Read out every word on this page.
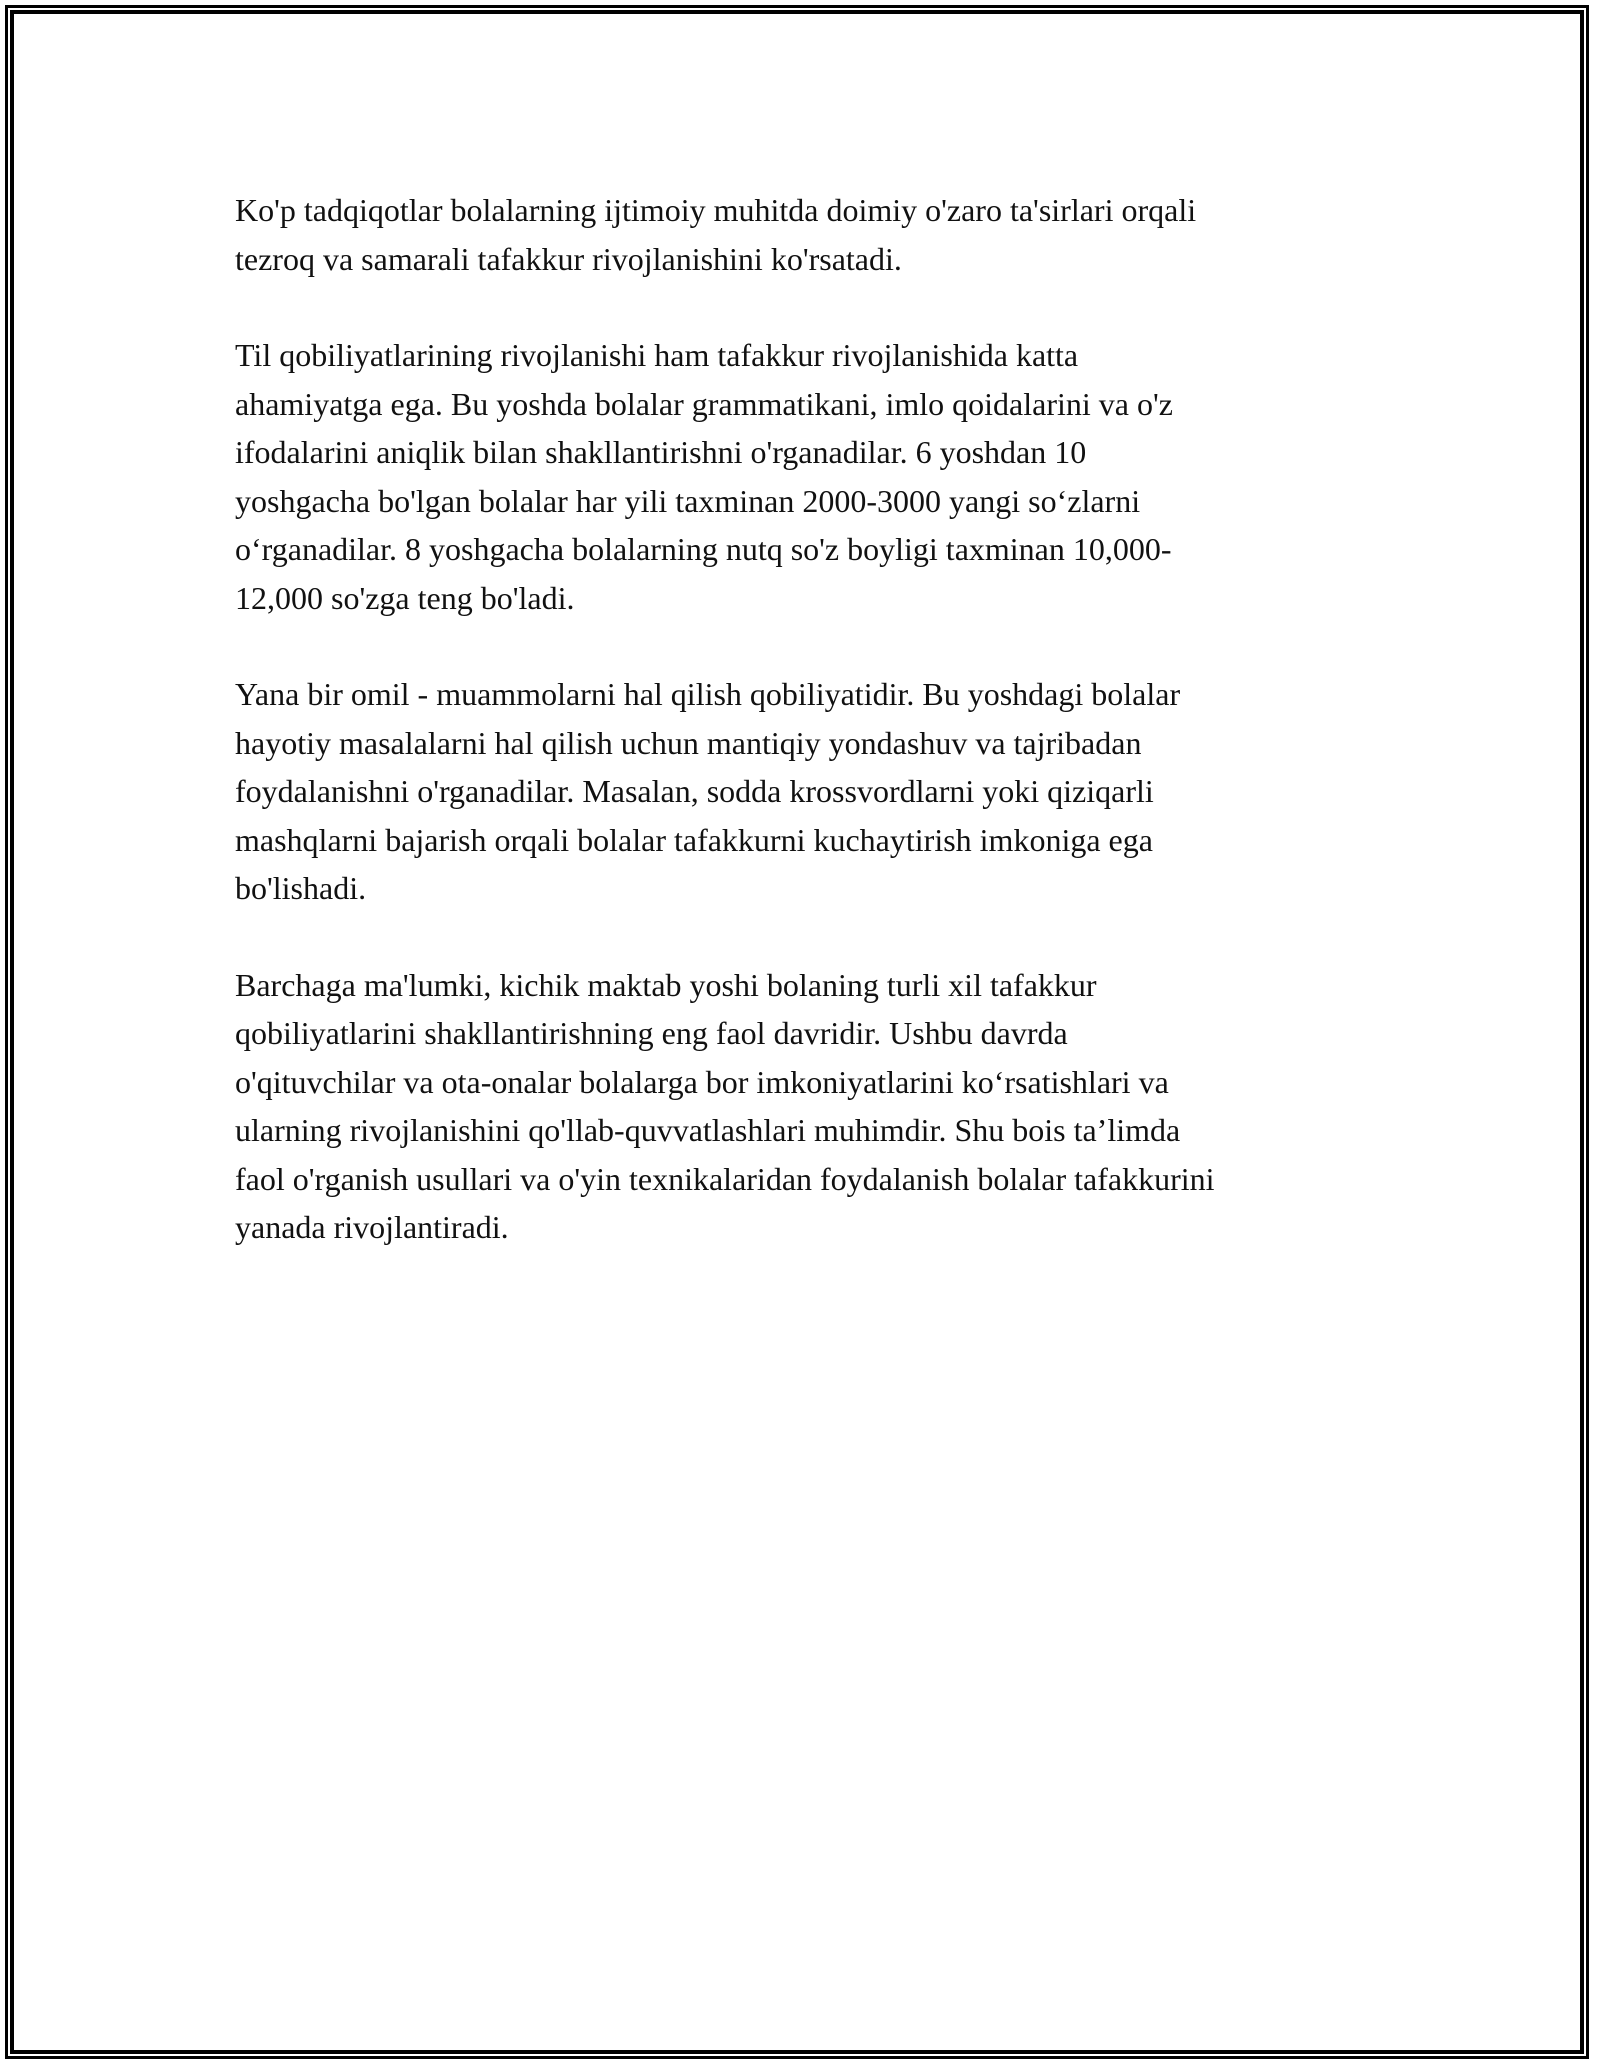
Ko'p tadqiqotlar bolalarning ijtimoiy muhitda doimiy o'zaro ta'sirlari orqali
tezroq va samarali tafakkur rivojlanishini ko'rsatadi.

Til qobiliyatlarining rivojlanishi ham tafakkur rivojlanishida katta
ahamiyatga ega. Bu yoshda bolalar grammatikani, imlo qoidalarini va o'z
ifodalarini aniqlik bilan shakllantirishni o'rganadilar. 6 yoshdan 10
yoshgacha bo'lgan bolalar har yili taxminan 2000-3000 yangi so‘zlarni
o‘rganadilar. 8 yoshgacha bolalarning nutq so'z boyligi taxminan 10,000-
12,000 so'zga teng bo'ladi.

Yana bir omil - muammolarni hal qilish qobiliyatidir. Bu yoshdagi bolalar
hayotiy masalalarni hal qilish uchun mantiqiy yondashuv va tajribadan
foydalanishni o'rganadilar. Masalan, sodda krossvordlarni yoki qiziqarli
mashqlarni bajarish orqali bolalar tafakkurni kuchaytirish imkoniga ega
bo'lishadi.

Barchaga ma'lumki, kichik maktab yoshi bolaning turli xil tafakkur
qobiliyatlarini shakllantirishning eng faol davridir. Ushbu davrda
o'qituvchilar va ota-onalar bolalarga bor imkoniyatlarini ko‘rsatishlari va
ularning rivojlanishini qo'llab-quvvatlashlari muhimdir. Shu bois ta’limda
faol o'rganish usullari va o'yin texnikalaridan foydalanish bolalar tafakkurini
yanada rivojlantiradi.
